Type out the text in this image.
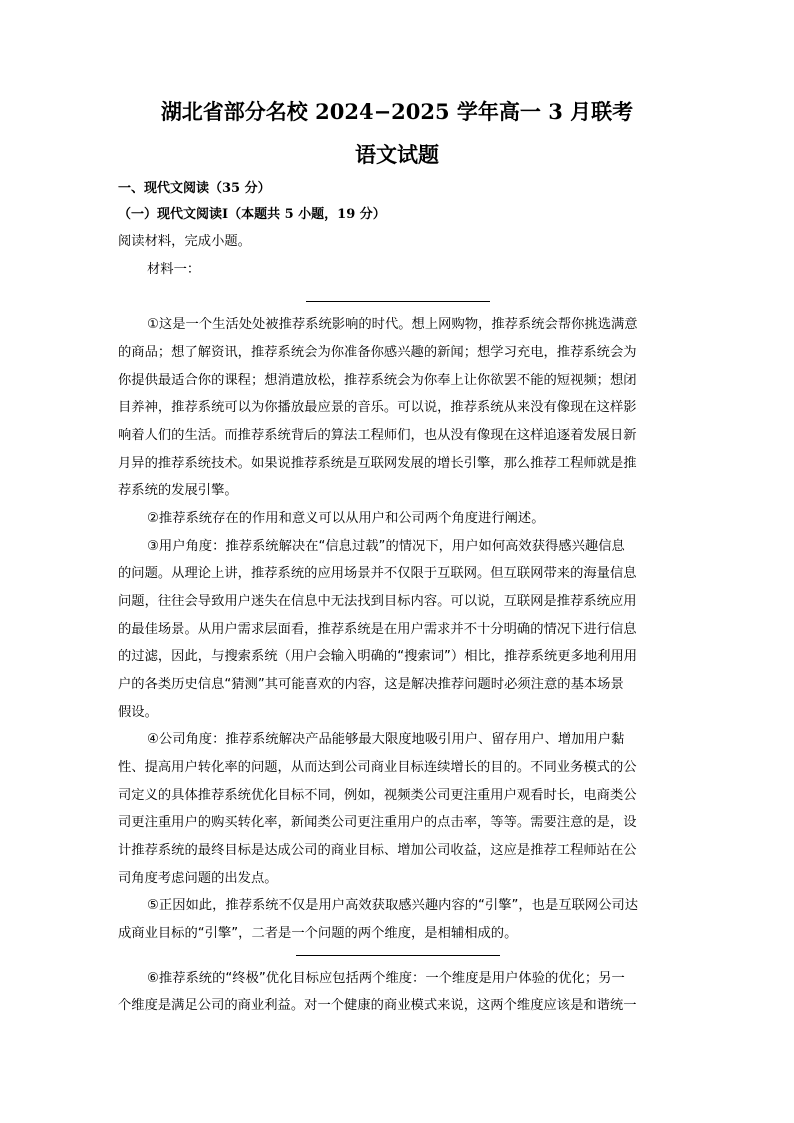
湖北省部分名校 2024−2025 学年高一 3 月联考
语文试题
一、现代文阅读（35 分）
（一）现代文阅读Ⅰ（本题共 5 小题，19 分）
阅读材料，完成小题。
材料一：
①这是一个生活处处被推荐系统影响的时代。想上网购物，推荐系统会帮你挑选满意
的商品；想了解资讯，推荐系统会为你准备你感兴趣的新闻；想学习充电，推荐系统会为
你提供最适合你的课程；想消遣放松，推荐系统会为你奉上让你欲罢不能的短视频；想闭
目养神，推荐系统可以为你播放最应景的音乐。可以说，推荐系统从来没有像现在这样影
响着人们的生活。而推荐系统背后的算法工程师们，也从没有像现在这样追逐着发展日新
月异的推荐系统技术。如果说推荐系统是互联网发展的增长引擎，那么推荐工程师就是推
荐系统的发展引擎。
②推荐系统存在的作用和意义可以从用户和公司两个角度进行阐述。
③用户角度：推荐系统解决在“信息过载”的情况下，用户如何高效获得感兴趣信息
的问题。从理论上讲，推荐系统的应用场景并不仅限于互联网。但互联网带来的海量信息
问题，往往会导致用户迷失在信息中无法找到目标内容。可以说，互联网是推荐系统应用
的最佳场景。从用户需求层面看，推荐系统是在用户需求并不十分明确的情况下进行信息
的过滤，因此，与搜索系统（用户会输入明确的“搜索词”）相比，推荐系统更多地利用用
户的各类历史信息“猜测”其可能喜欢的内容，这是解决推荐问题时必须注意的基本场景
假设。
④公司角度：推荐系统解决产品能够最大限度地吸引用户、留存用户、增加用户黏
性、提高用户转化率的问题，从而达到公司商业目标连续增长的目的。不同业务模式的公
司定义的具体推荐系统优化目标不同，例如，视频类公司更注重用户观看时长，电商类公
司更注重用户的购买转化率，新闻类公司更注重用户的点击率，等等。需要注意的是，设
计推荐系统的最终目标是达成公司的商业目标、增加公司收益，这应是推荐工程师站在公
司角度考虑问题的出发点。
⑤正因如此，推荐系统不仅是用户高效获取感兴趣内容的“引擎”，也是互联网公司达
成商业目标的“引擎”，二者是一个问题的两个维度，是相辅相成的。
⑥推荐系统的“终极”优化目标应包括两个维度：一个维度是用户体验的优化；另一
个维度是满足公司的商业利益。对一个健康的商业模式来说，这两个维度应该是和谐统一
